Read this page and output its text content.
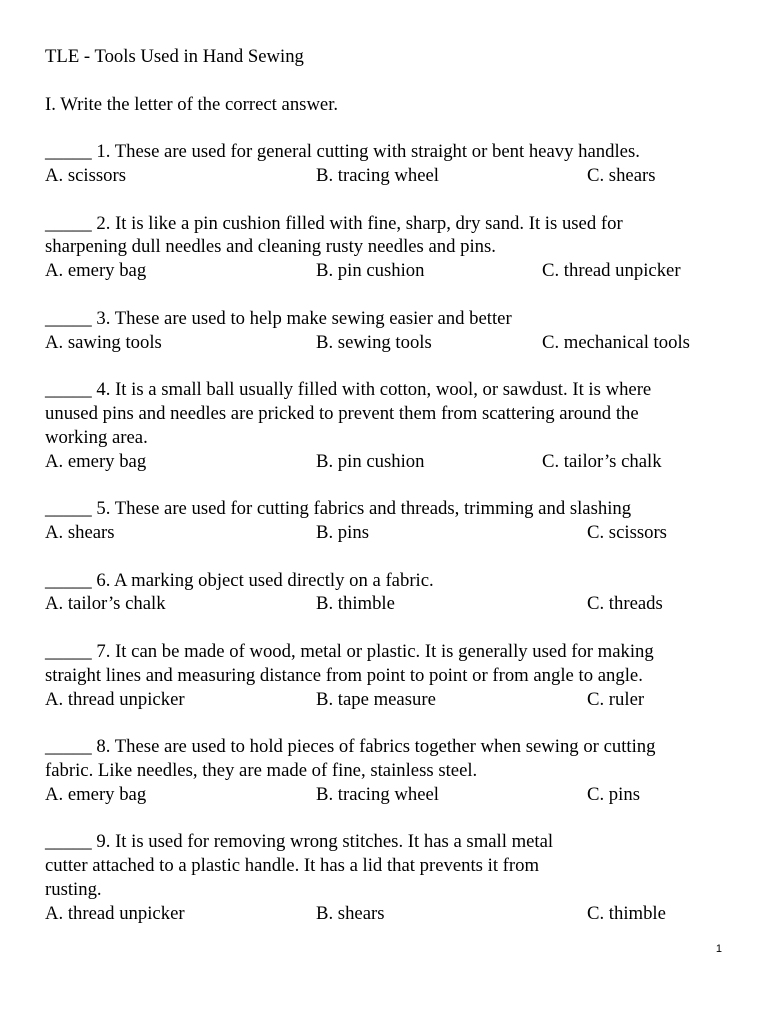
TLE - Tools Used in Hand Sewing
I. Write the letter of the correct answer.
_____ 1. These are used for general cutting with straight or bent heavy handles.
A. scissors	B. tracing wheel	C. shears
_____ 2. It is like a pin cushion filled with fine, sharp, dry sand. It is used for
sharpening dull needles and cleaning rusty needles and pins.
A. emery bag	B. pin cushion	C. thread unpicker
_____ 3. These are used to help make sewing easier and better
A. sawing tools	B. sewing tools	C. mechanical tools
_____ 4. It is a small ball usually filled with cotton, wool, or sawdust. It is where
unused pins and needles are pricked to prevent them from scattering around the
working area.
A. emery bag	B. pin cushion	C. tailor’s chalk
_____ 5. These are used for cutting fabrics and threads, trimming and slashing
A. shears	B. pins	C. scissors
_____ 6. A marking object used directly on a fabric.
A. tailor’s chalk	B. thimble	C. threads
_____ 7. It can be made of wood, metal or plastic. It is generally used for making
straight lines and measuring distance from point to point or from angle to angle.
A. thread unpicker	B. tape measure	C. ruler
_____ 8. These are used to hold pieces of fabrics together when sewing or cutting
fabric. Like needles, they are made of fine, stainless steel.
A. emery bag	B. tracing wheel	C. pins
_____ 9. It is used for removing wrong stitches. It has a small metal
cutter attached to a plastic handle. It has a lid that prevents it from
rusting.
A. thread unpicker	B. shears	C. thimble
1
